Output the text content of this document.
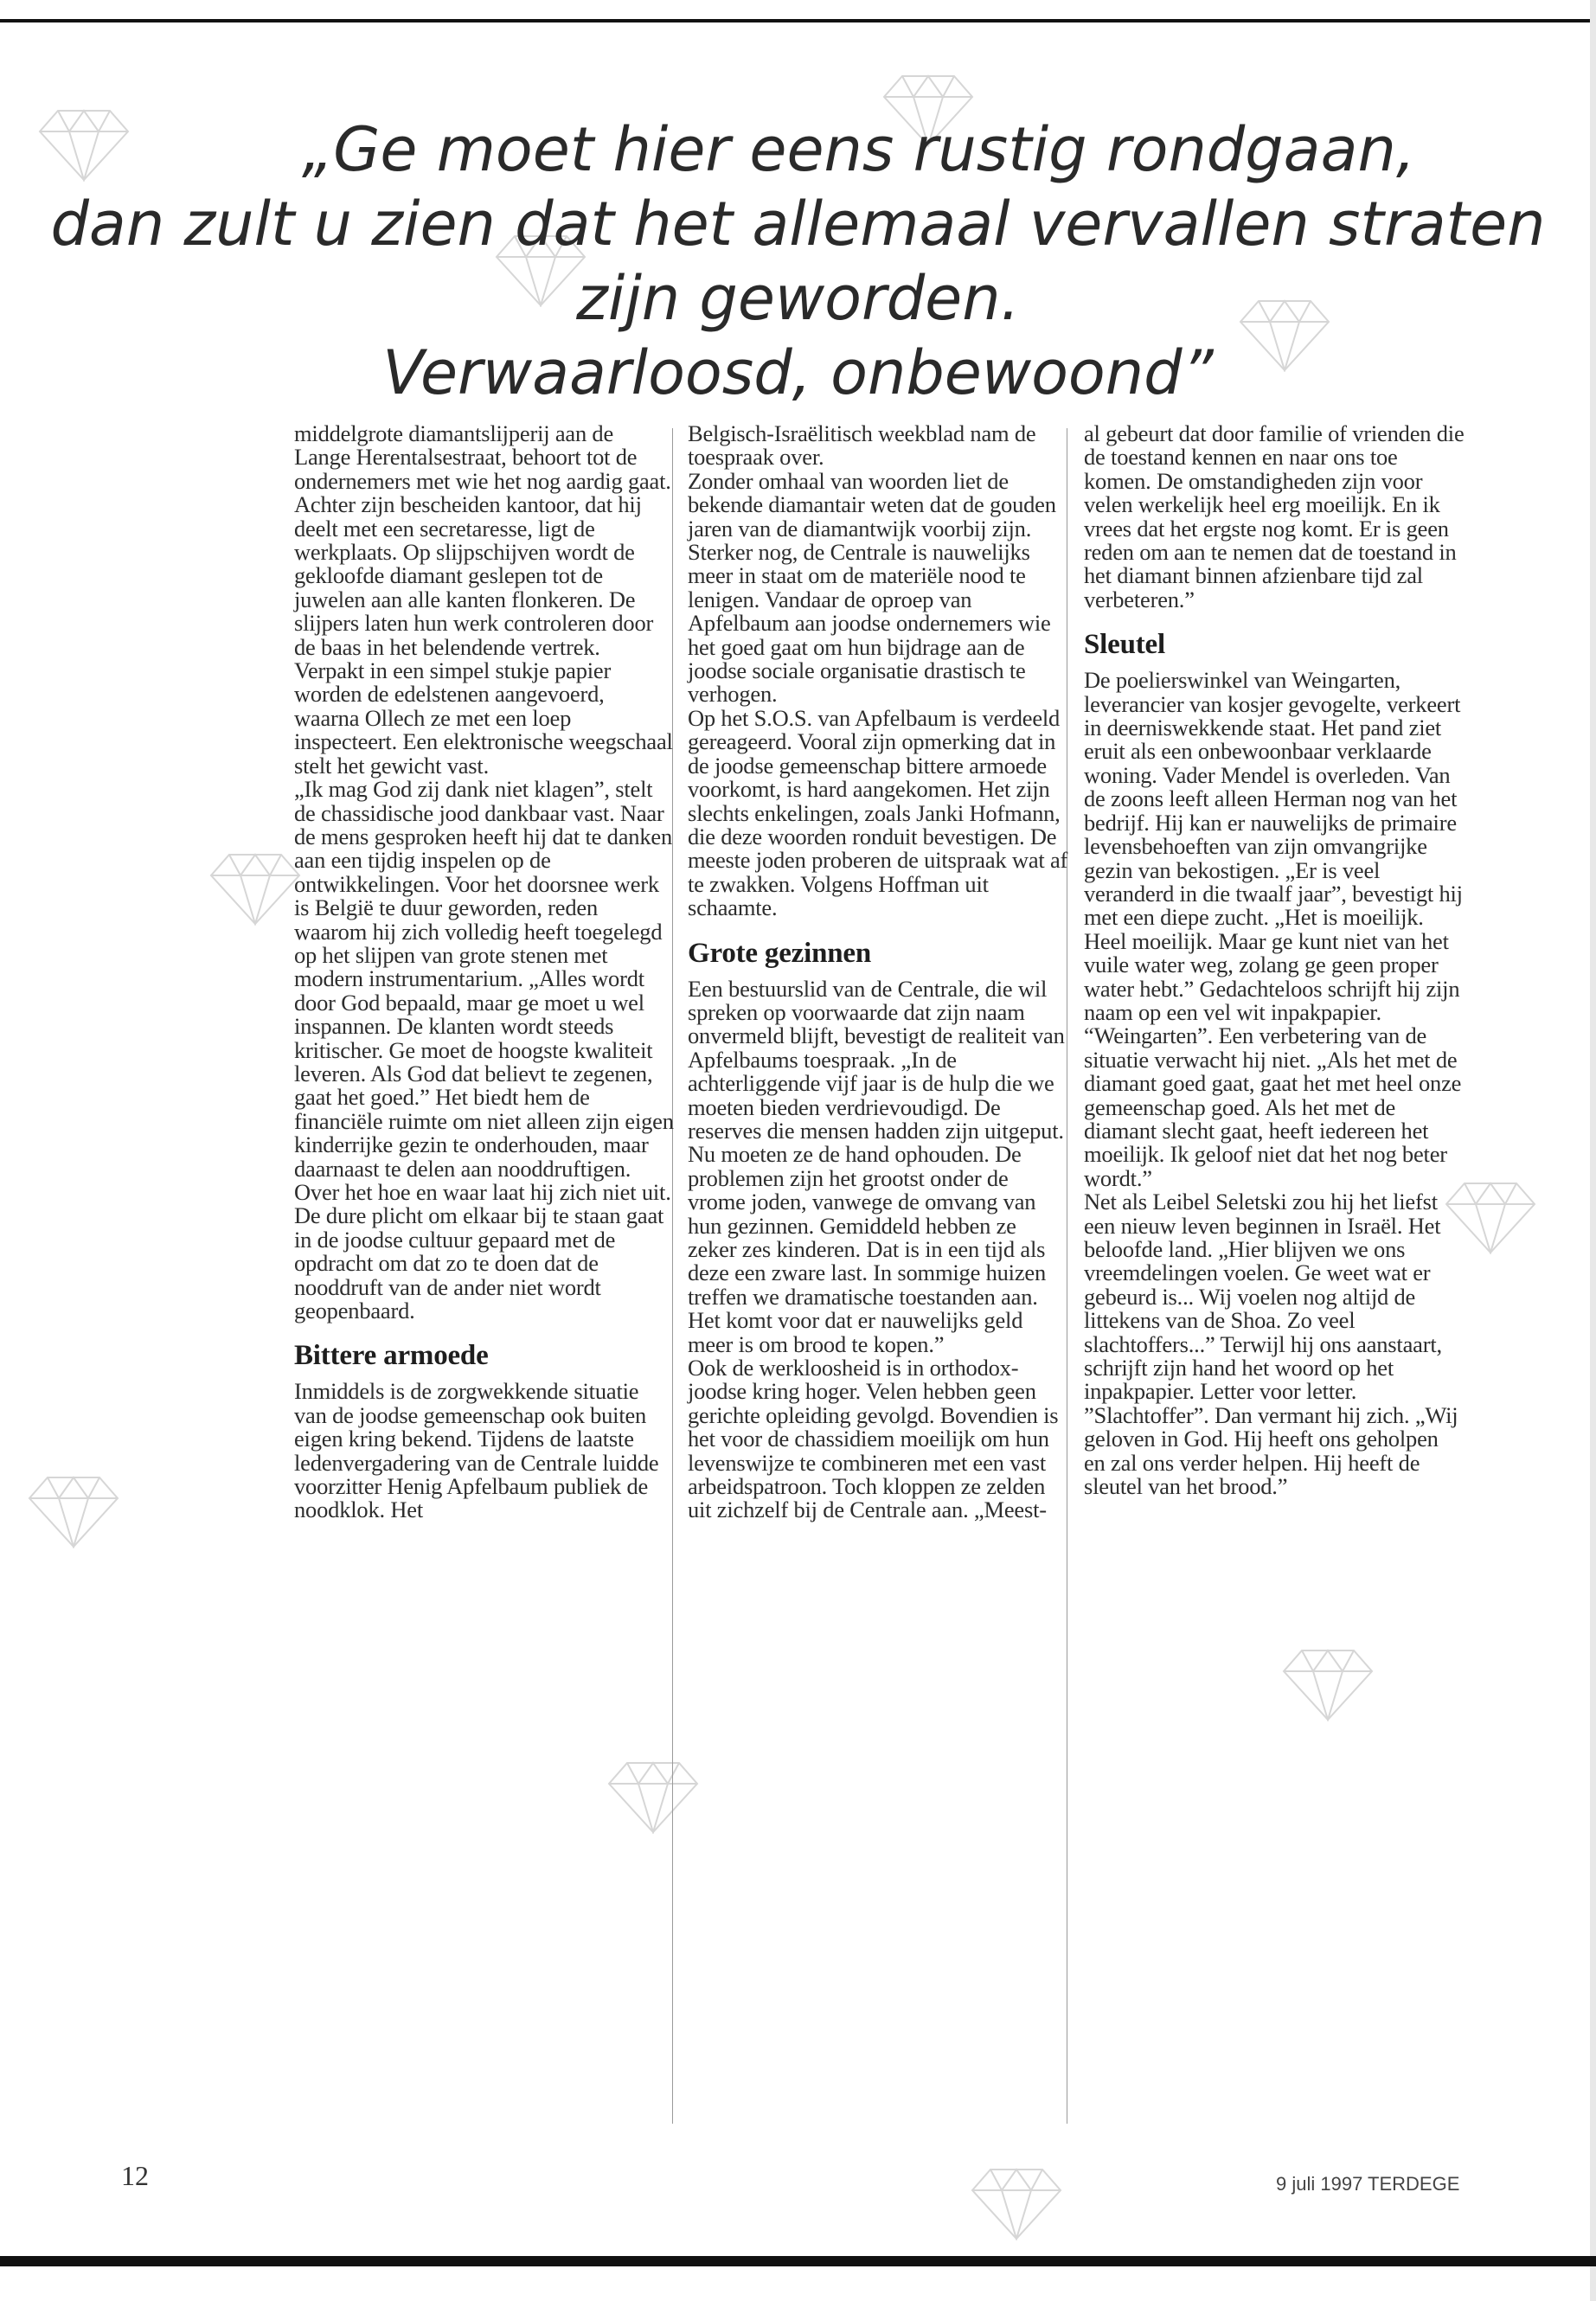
„Ge moet hier eens rustig rondgaan,
dan zult u zien dat het allemaal vervallen straten
zijn geworden.
Verwaarloosd, onbewoond”

middelgrote diamantslijperij aan de Lange Herentalsestraat, behoort tot de ondernemers met wie het nog aardig gaat. Achter zijn bescheiden kantoor, dat hij deelt met een secretaresse, ligt de werkplaats. Op slijpschijven wordt de gekloofde diamant geslepen tot de juwelen aan alle kanten flonkeren. De slijpers laten hun werk controleren door de baas in het belendende vertrek. Verpakt in een simpel stukje papier worden de edelstenen aangevoerd, waarna Ollech ze met een loep inspecteert. Een elektronische weegschaal stelt het gewicht vast.

„Ik mag God zij dank niet klagen”, stelt de chassidische jood dankbaar vast. Naar de mens gesproken heeft hij dat te danken aan een tijdig inspelen op de ontwikkelingen. Voor het doorsnee werk is België te duur geworden, reden waarom hij zich volledig heeft toegelegd op het slijpen van grote stenen met modern instrumentarium. „Alles wordt door God bepaald, maar ge moet u wel inspannen. De klanten wordt steeds kritischer. Ge moet de hoogste kwaliteit leveren. Als God dat believt te zegenen, gaat het goed.” Het biedt hem de financiële ruimte om niet alleen zijn eigen kinderrijke gezin te onderhouden, maar daarnaast te delen aan nooddruftigen. Over het hoe en waar laat hij zich niet uit. De dure plicht om elkaar bij te staan gaat in de joodse cultuur gepaard met de opdracht om dat zo te doen dat de nooddruft van de ander niet wordt geopenbaard.

Bittere armoede

Inmiddels is de zorgwekkende situatie van de joodse gemeenschap ook buiten eigen kring bekend. Tijdens de laatste ledenvergadering van de Centrale luidde voorzitter Henig Apfelbaum publiek de noodklok. Het

Belgisch-Israëlitisch weekblad nam de toespraak over.

Zonder omhaal van woorden liet de bekende diamantair weten dat de gouden jaren van de diamantwijk voorbij zijn. Sterker nog, de Centrale is nauwelijks meer in staat om de materiële nood te lenigen. Vandaar de oproep van Apfelbaum aan joodse ondernemers wie het goed gaat om hun bijdrage aan de joodse sociale organisatie drastisch te verhogen.

Op het S.O.S. van Apfelbaum is verdeeld gereageerd. Vooral zijn opmerking dat in de joodse gemeenschap bittere armoede voorkomt, is hard aangekomen. Het zijn slechts enkelingen, zoals Janki Hofmann, die deze woorden ronduit bevestigen. De meeste joden proberen de uitspraak wat af te zwakken. Volgens Hoffman uit schaamte.

Grote gezinnen

Een bestuurslid van de Centrale, die wil spreken op voorwaarde dat zijn naam onvermeld blijft, bevestigt de realiteit van Apfelbaums toespraak. „In de achterliggende vijf jaar is de hulp die we moeten bieden verdrievoudigd. De reserves die mensen hadden zijn uitgeput. Nu moeten ze de hand ophouden. De problemen zijn het grootst onder de vrome joden, vanwege de omvang van hun gezinnen. Gemiddeld hebben ze zeker zes kinderen. Dat is in een tijd als deze een zware last. In sommige huizen treffen we dramatische toestanden aan. Het komt voor dat er nauwelijks geld meer is om brood te kopen.”

Ook de werkloosheid is in orthodox-joodse kring hoger. Velen hebben geen gerichte opleiding gevolgd. Bovendien is het voor de chassidiem moeilijk om hun levenswijze te combineren met een vast arbeidspatroon. Toch kloppen ze zelden uit zichzelf bij de Centrale aan. „Meest-

al gebeurt dat door familie of vrienden die de toestand kennen en naar ons toe komen. De omstandigheden zijn voor velen werkelijk heel erg moeilijk. En ik vrees dat het ergste nog komt. Er is geen reden om aan te nemen dat de toestand in het diamant binnen afzienbare tijd zal verbeteren.”

Sleutel

De poelierswinkel van Weingarten, leverancier van kosjer gevogelte, verkeert in deerniswekkende staat. Het pand ziet eruit als een onbewoonbaar verklaarde woning. Vader Mendel is overleden. Van de zoons leeft alleen Herman nog van het bedrijf. Hij kan er nauwelijks de primaire levensbehoeften van zijn omvangrijke gezin van bekostigen. „Er is veel veranderd in die twaalf jaar”, bevestigt hij met een diepe zucht. „Het is moeilijk. Heel moeilijk. Maar ge kunt niet van het vuile water weg, zolang ge geen proper water hebt.” Gedachteloos schrijft hij zijn naam op een vel wit inpakpapier. “Weingarten”. Een verbetering van de situatie verwacht hij niet. „Als het met de diamant goed gaat, gaat het met heel onze gemeenschap goed. Als het met de diamant slecht gaat, heeft iedereen het moeilijk. Ik geloof niet dat het nog beter wordt.”

Net als Leibel Seletski zou hij het liefst een nieuw leven beginnen in Israël. Het beloofde land. „Hier blijven we ons vreemdelingen voelen. Ge weet wat er gebeurd is... Wij voelen nog altijd de littekens van de Shoa. Zo veel slachtoffers...” Terwijl hij ons aanstaart, schrijft zijn hand het woord op het inpakpapier. Letter voor letter. ”Slachtoffer”. Dan vermant hij zich. „Wij geloven in God. Hij heeft ons geholpen en zal ons verder helpen. Hij heeft de sleutel van het brood.”

12	9 juli 1997 TERDEGE
